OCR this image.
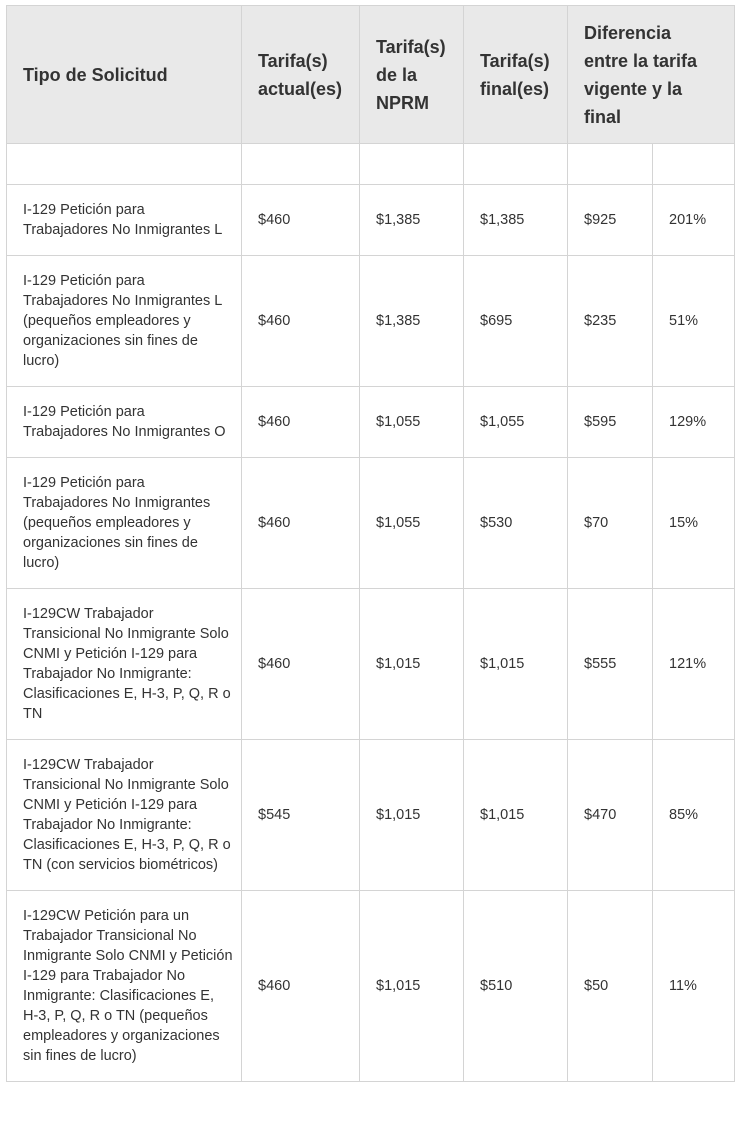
Tipo de Solicitud	Tarifa(s) actual(es)	Tarifa(s) de la NPRM	Tarifa(s) final(es)	Diferencia entre la tarifa vigente y la final	

I-129 Petición para Trabajadores No Inmigrantes L	$460	$1,385	$1,385	$925	201%
I-129 Petición para Trabajadores No Inmigrantes L (pequeños empleadores y organizaciones sin fines de lucro)	$460	$1,385	$695	$235	51%
I-129 Petición para Trabajadores No Inmigrantes O	$460	$1,055	$1,055	$595	129%
I-129 Petición para Trabajadores No Inmigrantes (pequeños empleadores y organizaciones sin fines de lucro)	$460	$1,055	$530	$70	15%
I-129CW Trabajador Transicional No Inmigrante Solo CNMI y Petición I-129 para Trabajador No Inmigrante: Clasificaciones E, H-3, P, Q, R o TN	$460	$1,015	$1,015	$555	121%
I-129CW Trabajador Transicional No Inmigrante Solo CNMI y Petición I-129 para Trabajador No Inmigrante: Clasificaciones E, H-3, P, Q, R o TN (con servicios biométricos)	$545	$1,015	$1,015	$470	85%
I-129CW Petición para un Trabajador Transicional No Inmigrante Solo CNMI y Petición I-129 para Trabajador No Inmigrante: Clasificaciones E, H-3, P, Q, R o TN (pequeños empleadores y organizaciones sin fines de lucro)	$460	$1,015	$510	$50	11%
